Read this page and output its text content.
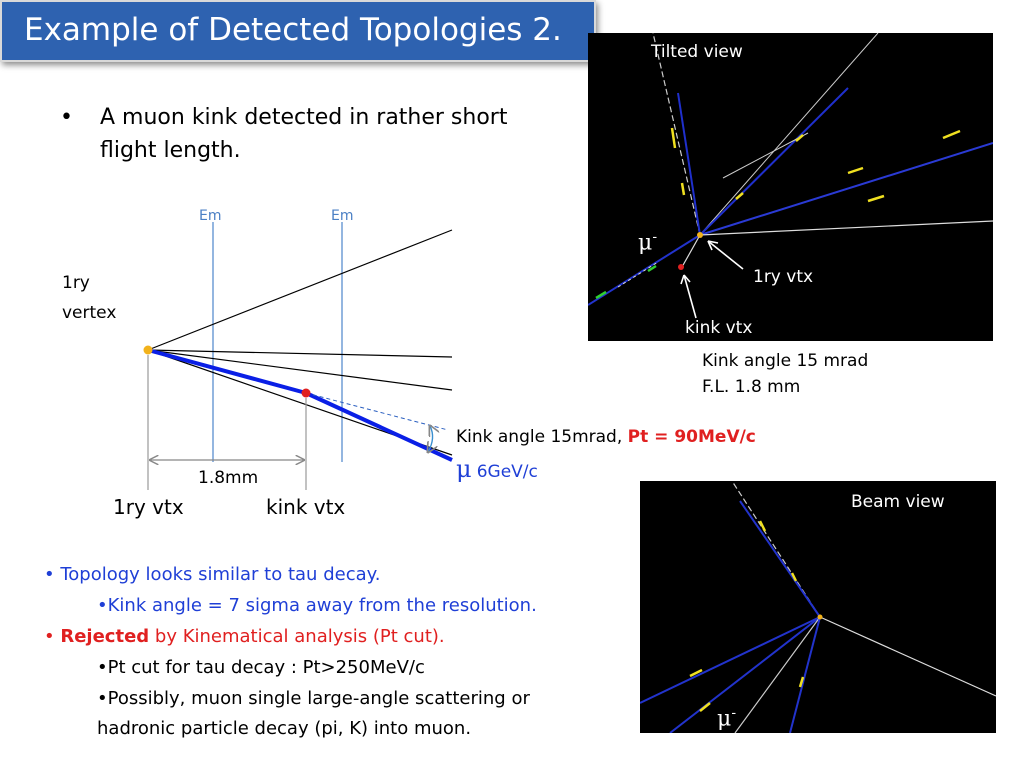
Example of Detected Topologies 2.
• A muon kink detected in rather short
flight length.
Em	Em
1.8mm
1ry
vertex
1ry vtx	kink vtx
Kink angle 15mrad, Pt = 90MeV/c
μ 6GeV/c
Tilted view
μ-
1ry vtx
kink vtx
Kink angle 15 mrad
F.L. 1.8 mm
Beam view
μ-
• Topology looks similar to tau decay.
•Kink angle = 7 sigma away from the resolution.
• Rejected by Kinematical analysis (Pt cut).
•Pt cut for tau decay : Pt>250MeV/c
•Possibly, muon single large-angle scattering or
hadronic particle decay (pi, K) into muon.
